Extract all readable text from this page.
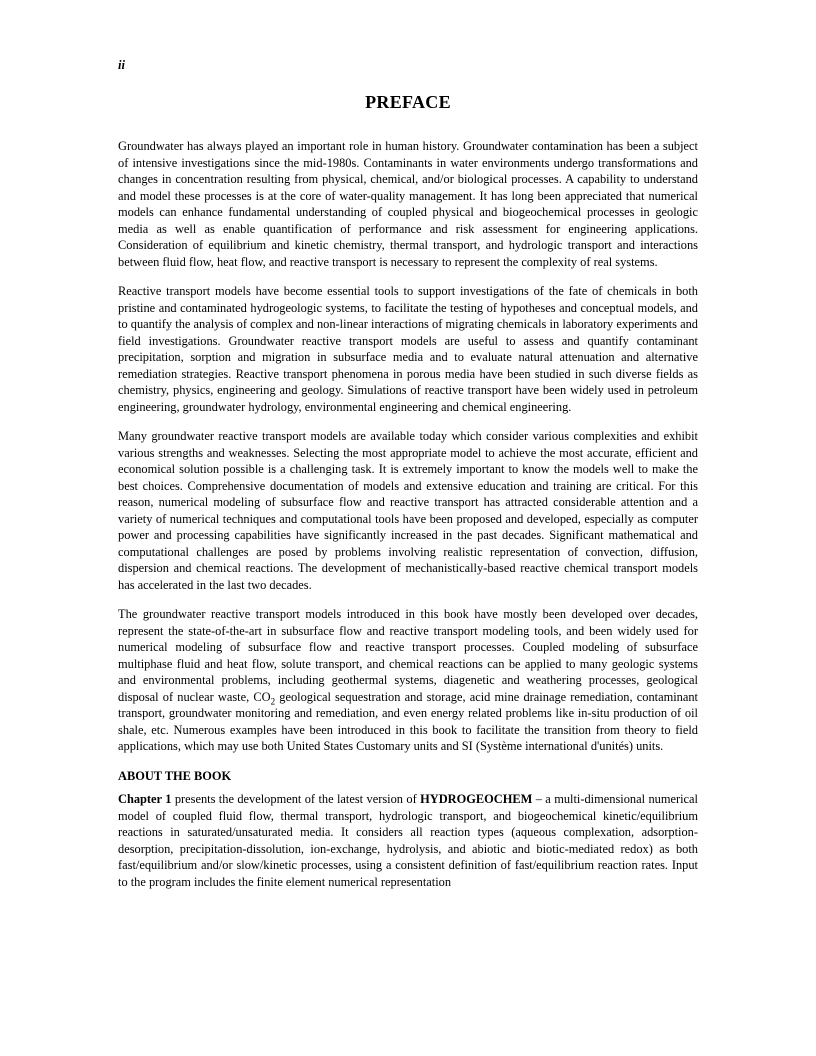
ii
PREFACE

Groundwater has always played an important role in human history. Groundwater contamination has been a subject of intensive investigations since the mid-1980s. Contaminants in water environments undergo transformations and changes in concentration resulting from physical, chemical, and/or biological processes. A capability to understand and model these processes is at the core of water-quality management. It has long been appreciated that numerical models can enhance fundamental understanding of coupled physical and biogeochemical processes in geologic media as well as enable quantification of performance and risk assessment for engineering applications. Consideration of equilibrium and kinetic chemistry, thermal transport, and hydrologic transport and interactions between fluid flow, heat flow, and reactive transport is necessary to represent the complexity of real systems.

Reactive transport models have become essential tools to support investigations of the fate of chemicals in both pristine and contaminated hydrogeologic systems, to facilitate the testing of hypotheses and conceptual models, and to quantify the analysis of complex and non-linear interactions of migrating chemicals in laboratory experiments and field investigations. Groundwater reactive transport models are useful to assess and quantify contaminant precipitation, sorption and migration in subsurface media and to evaluate natural attenuation and alternative remediation strategies. Reactive transport phenomena in porous media have been studied in such diverse fields as chemistry, physics, engineering and geology. Simulations of reactive transport have been widely used in petroleum engineering, groundwater hydrology, environmental engineering and chemical engineering.

Many groundwater reactive transport models are available today which consider various complexities and exhibit various strengths and weaknesses. Selecting the most appropriate model to achieve the most accurate, efficient and economical solution possible is a challenging task. It is extremely important to know the models well to make the best choices. Comprehensive documentation of models and extensive education and training are critical. For this reason, numerical modeling of subsurface flow and reactive transport has attracted considerable attention and a variety of numerical techniques and computational tools have been proposed and developed, especially as computer power and processing capabilities have significantly increased in the past decades. Significant mathematical and computational challenges are posed by problems involving realistic representation of convection, diffusion, dispersion and chemical reactions. The development of mechanistically-based reactive chemical transport models has accelerated in the last two decades.

The groundwater reactive transport models introduced in this book have mostly been developed over decades, represent the state-of-the-art in subsurface flow and reactive transport modeling tools, and been widely used for numerical modeling of subsurface flow and reactive transport processes. Coupled modeling of subsurface multiphase fluid and heat flow, solute transport, and chemical reactions can be applied to many geologic systems and environmental problems, including geothermal systems, diagenetic and weathering processes, geological disposal of nuclear waste, $CO_2$ geological sequestration and storage, acid mine drainage remediation, contaminant transport, groundwater monitoring and remediation, and even energy related problems like in-situ production of oil shale, etc. Numerous examples have been introduced in this book to facilitate the transition from theory to field applications, which may use both United States Customary units and SI (Système international d'unités) units.

ABOUT THE BOOK

Chapter 1 presents the development of the latest version of HYDROGEOCHEM – a multi-dimensional numerical model of coupled fluid flow, thermal transport, hydrologic transport, and biogeochemical kinetic/equilibrium reactions in saturated/unsaturated media. It considers all reaction types (aqueous complexation, adsorption-desorption, precipitation-dissolution, ion-exchange, hydrolysis, and abiotic and biotic-mediated redox) as both fast/equilibrium and/or slow/kinetic processes, using a consistent definition of fast/equilibrium reaction rates. Input to the program includes the finite element numerical representation
